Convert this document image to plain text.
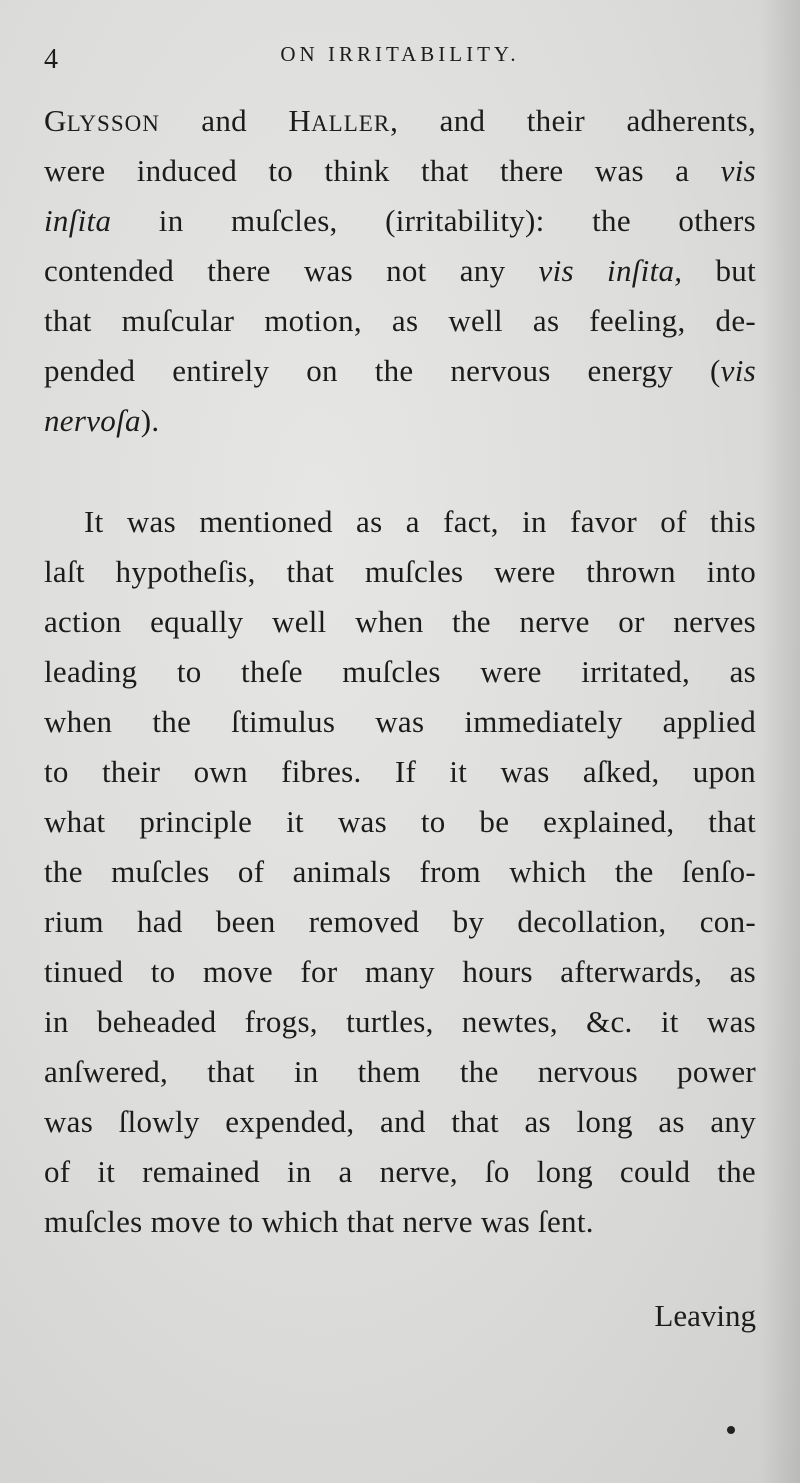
4	ON IRRITABILITY.
GLYSSON and HALLER, and their adherents,
were induced to think that there was a vis
inſita in muſcles, (irritability): the others
contended there was not any vis inſita, but
that muſcular motion, as well as feeling, de-
pended entirely on the nervous energy (vis
nervoſa).
It was mentioned as a fact, in favor of this
laſt hypotheſis, that muſcles were thrown into
action equally well when the nerve or nerves
leading to theſe muſcles were irritated, as
when the ſtimulus was immediately applied
to their own fibres. If it was aſked, upon
what principle it was to be explained, that
the muſcles of animals from which the ſenſo-
rium had been removed by decollation, con-
tinued to move for many hours afterwards, as
in beheaded frogs, turtles, newtes, &c. it was
anſwered, that in them the nervous power
was ſlowly expended, and that as long as any
of it remained in a nerve, ſo long could the
muſcles move to which that nerve was ſent.
Leaving
